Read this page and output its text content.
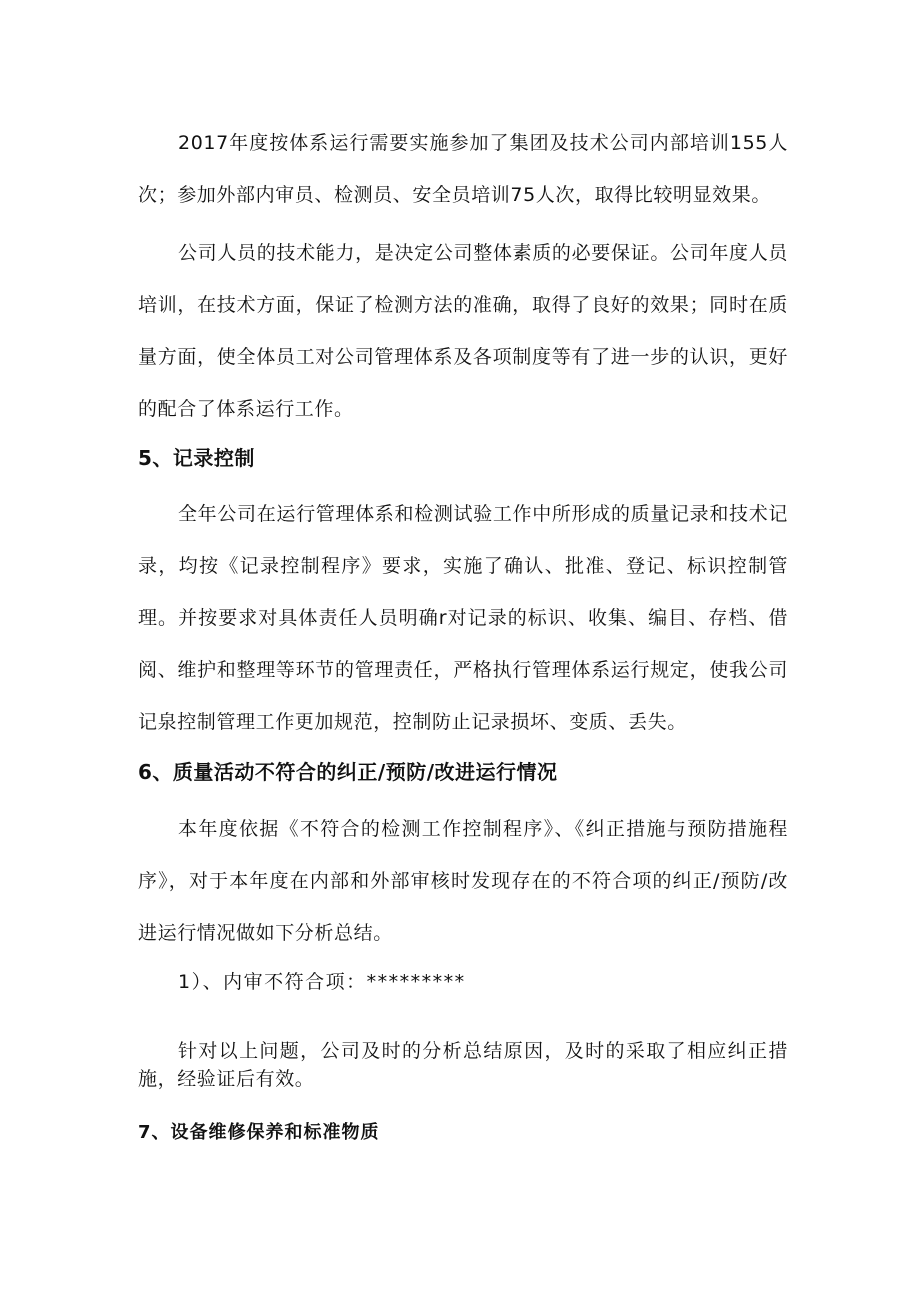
2017年度按体系运行需要实施参加了集团及技术公司内部培训155人次；参加外部内审员、检测员、安全员培训75人次，取得比较明显效果。

公司人员的技术能力，是决定公司整体素质的必要保证。公司年度人员培训，在技术方面，保证了检测方法的准确，取得了良好的效果；同时在质量方面，使全体员工对公司管理体系及各项制度等有了进一步的认识，更好的配合了体系运行工作。

5、记录控制

全年公司在运行管理体系和检测试验工作中所形成的质量记录和技术记录，均按《记录控制程序》要求，实施了确认、批准、登记、标识控制管理。并按要求对具体责任人员明确r对记录的标识、收集、编目、存档、借阅、维护和整理等环节的管理责任，严格执行管理体系运行规定，使我公司记泉控制管理工作更加规范，控制防止记录损坏、变质、丢失。

6、质量活动不符合的纠正/预防/改进运行情况

本年度依据《不符合的检测工作控制程序》、《纠正措施与预防措施程序》，对于本年度在内部和外部审核时发现存在的不符合项的纠正/预防/改进运行情况做如下分析总结。

1）、内审不符合项：*********

针对以上问题，公司及时的分析总结原因，及时的采取了相应纠正措施，经验证后有效。

7、设备维修保养和标准物质
